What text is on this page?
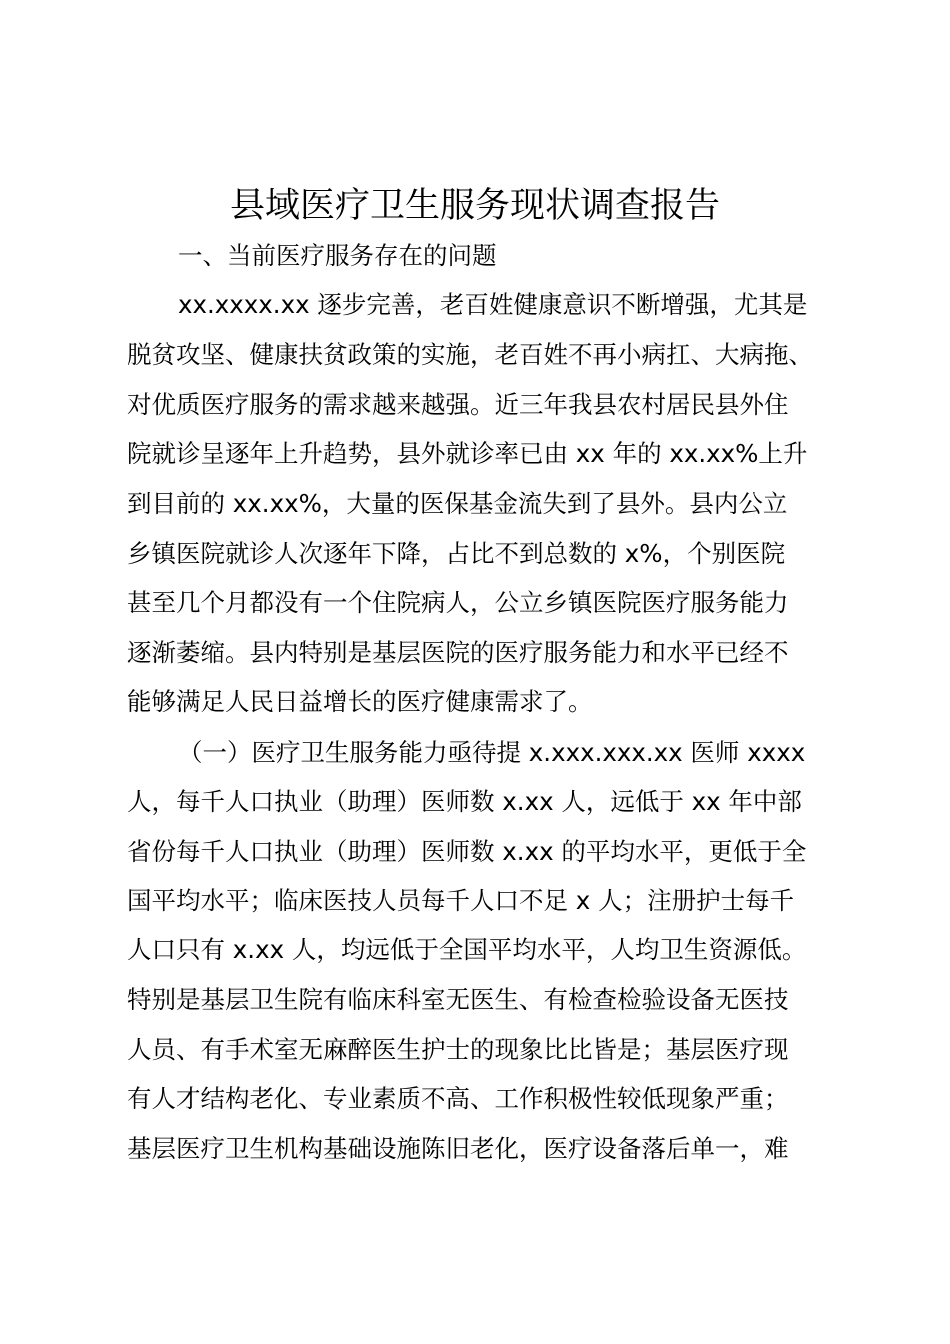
县域医疗卫生服务现状调查报告
一、当前医疗服务存在的问题
xx.xxxx.xx 逐步完善，老百姓健康意识不断增强，尤其是
脱贫攻坚、健康扶贫政策的实施，老百姓不再小病扛、大病拖、
对优质医疗服务的需求越来越强。近三年我县农村居民县外住
院就诊呈逐年上升趋势，县外就诊率已由 xx 年的 xx.xx%上升
到目前的 xx.xx%，大量的医保基金流失到了县外。县内公立
乡镇医院就诊人次逐年下降，占比不到总数的 x%，个别医院
甚至几个月都没有一个住院病人，公立乡镇医院医疗服务能力
逐渐萎缩。县内特别是基层医院的医疗服务能力和水平已经不
能够满足人民日益增长的医疗健康需求了。
（一）医疗卫生服务能力亟待提 x.xxx.xxx.xx 医师 xxxx
人，每千人口执业（助理）医师数 x.xx 人，远低于 xx 年中部
省份每千人口执业（助理）医师数 x.xx 的平均水平，更低于全
国平均水平；临床医技人员每千人口不足 x 人；注册护士每千
人口只有 x.xx 人，均远低于全国平均水平，人均卫生资源低。
特别是基层卫生院有临床科室无医生、有检查检验设备无医技
人员、有手术室无麻醉医生护士的现象比比皆是；基层医疗现
有人才结构老化、专业素质不高、工作积极性较低现象严重；
基层医疗卫生机构基础设施陈旧老化，医疗设备落后单一，难
